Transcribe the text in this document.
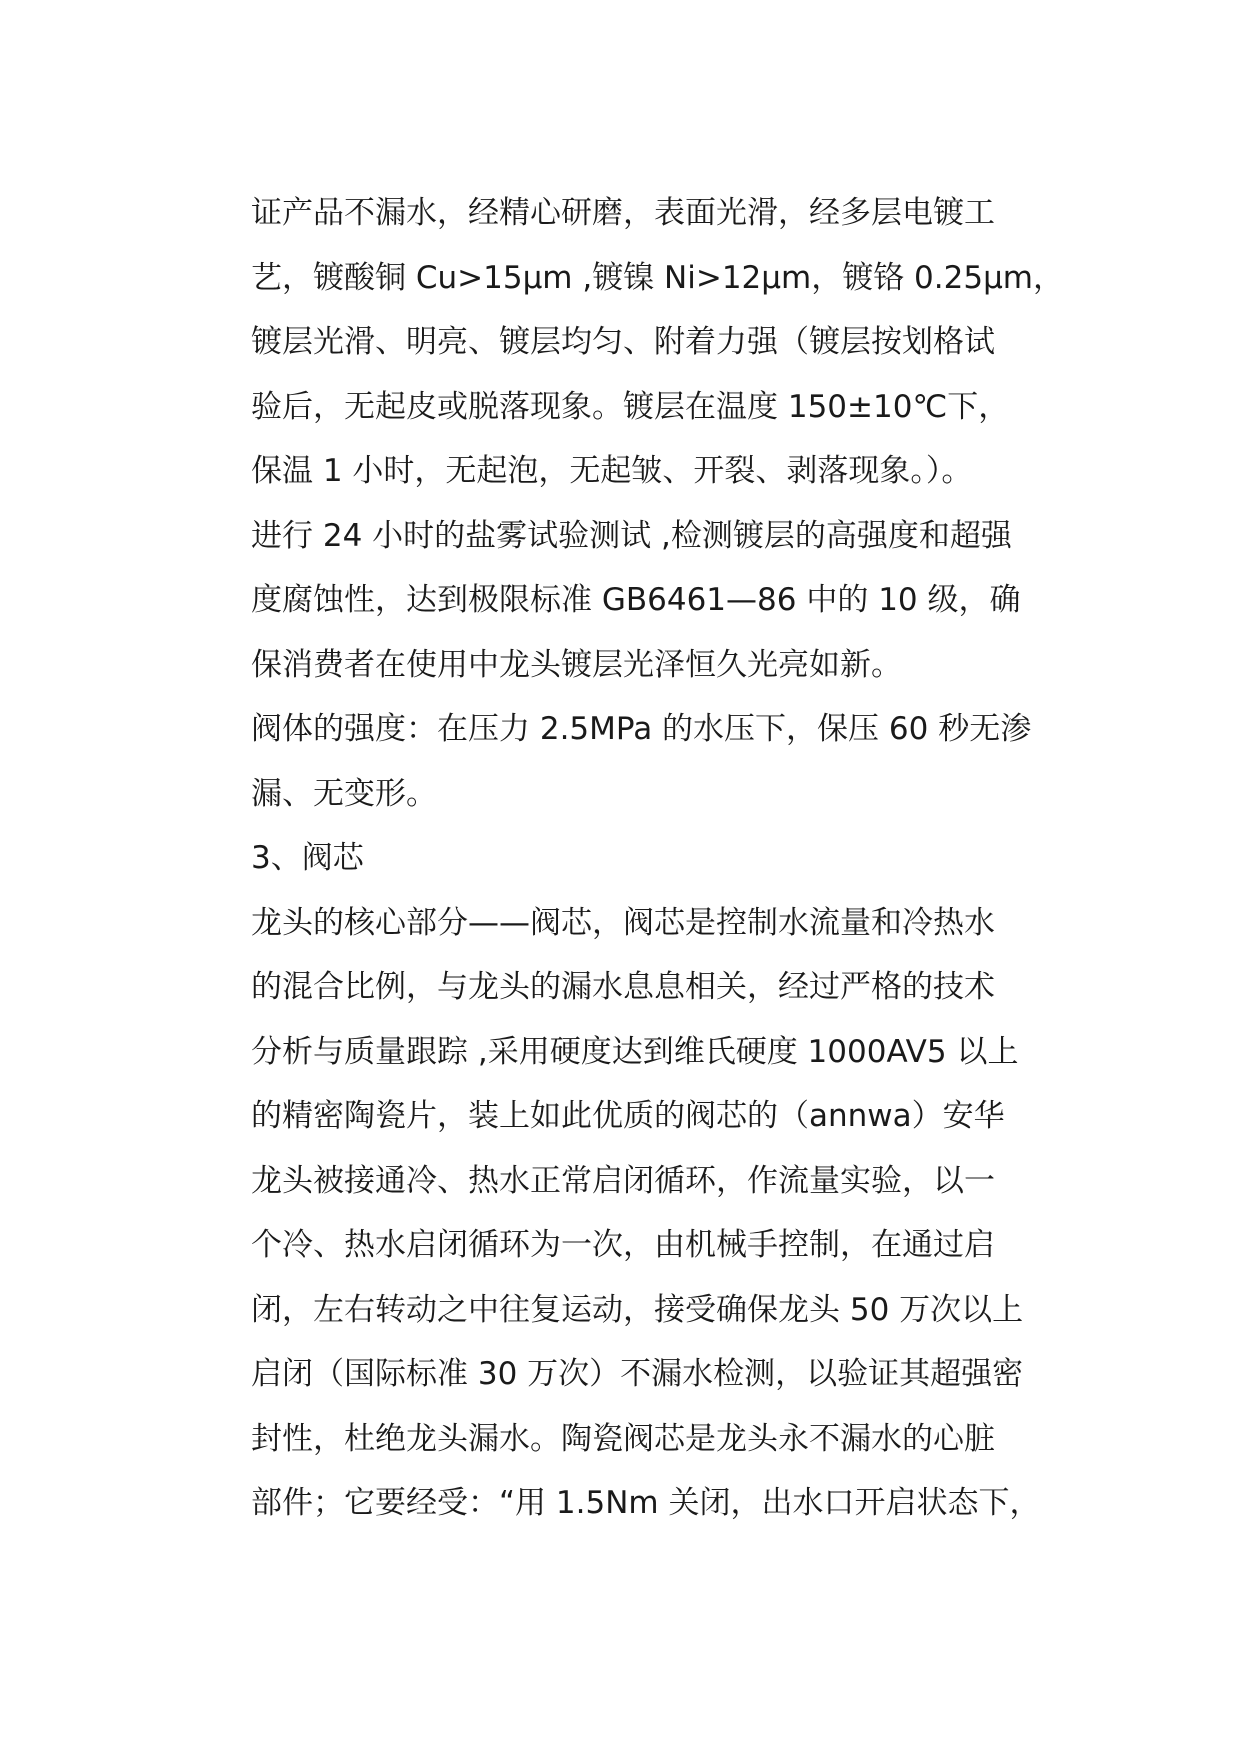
证产品不漏水，经精心研磨，表面光滑，经多层电镀工
艺，镀酸铜 Cu>15μm ,镀镍 Ni>12μm，镀铬 0.25μm，
镀层光滑、明亮、镀层均匀、附着力强（镀层按划格试
验后，无起皮或脱落现象。镀层在温度 150±10℃下，
保温 1 小时，无起泡，无起皱、开裂、剥落现象。）。
进行 24 小时的盐雾试验测试 ,检测镀层的高强度和超强
度腐蚀性，达到极限标准 GB6461—86 中的 10 级，确
保消费者在使用中龙头镀层光泽恒久光亮如新。
阀体的强度：在压力 2.5MPa 的水压下，保压 60 秒无渗
漏、无变形。
3、阀芯
龙头的核心部分——阀芯，阀芯是控制水流量和冷热水
的混合比例，与龙头的漏水息息相关，经过严格的技术
分析与质量跟踪 ,采用硬度达到维氏硬度 1000AV5 以上
的精密陶瓷片，装上如此优质的阀芯的（annwa）安华
龙头被接通冷、热水正常启闭循环，作流量实验，以一
个冷、热水启闭循环为一次，由机械手控制，在通过启
闭，左右转动之中往复运动，接受确保龙头 50 万次以上
启闭（国际标准 30 万次）不漏水检测，以验证其超强密
封性，杜绝龙头漏水。陶瓷阀芯是龙头永不漏水的心脏
部件；它要经受：“用 1.5Nm 关闭，出水口开启状态下，
